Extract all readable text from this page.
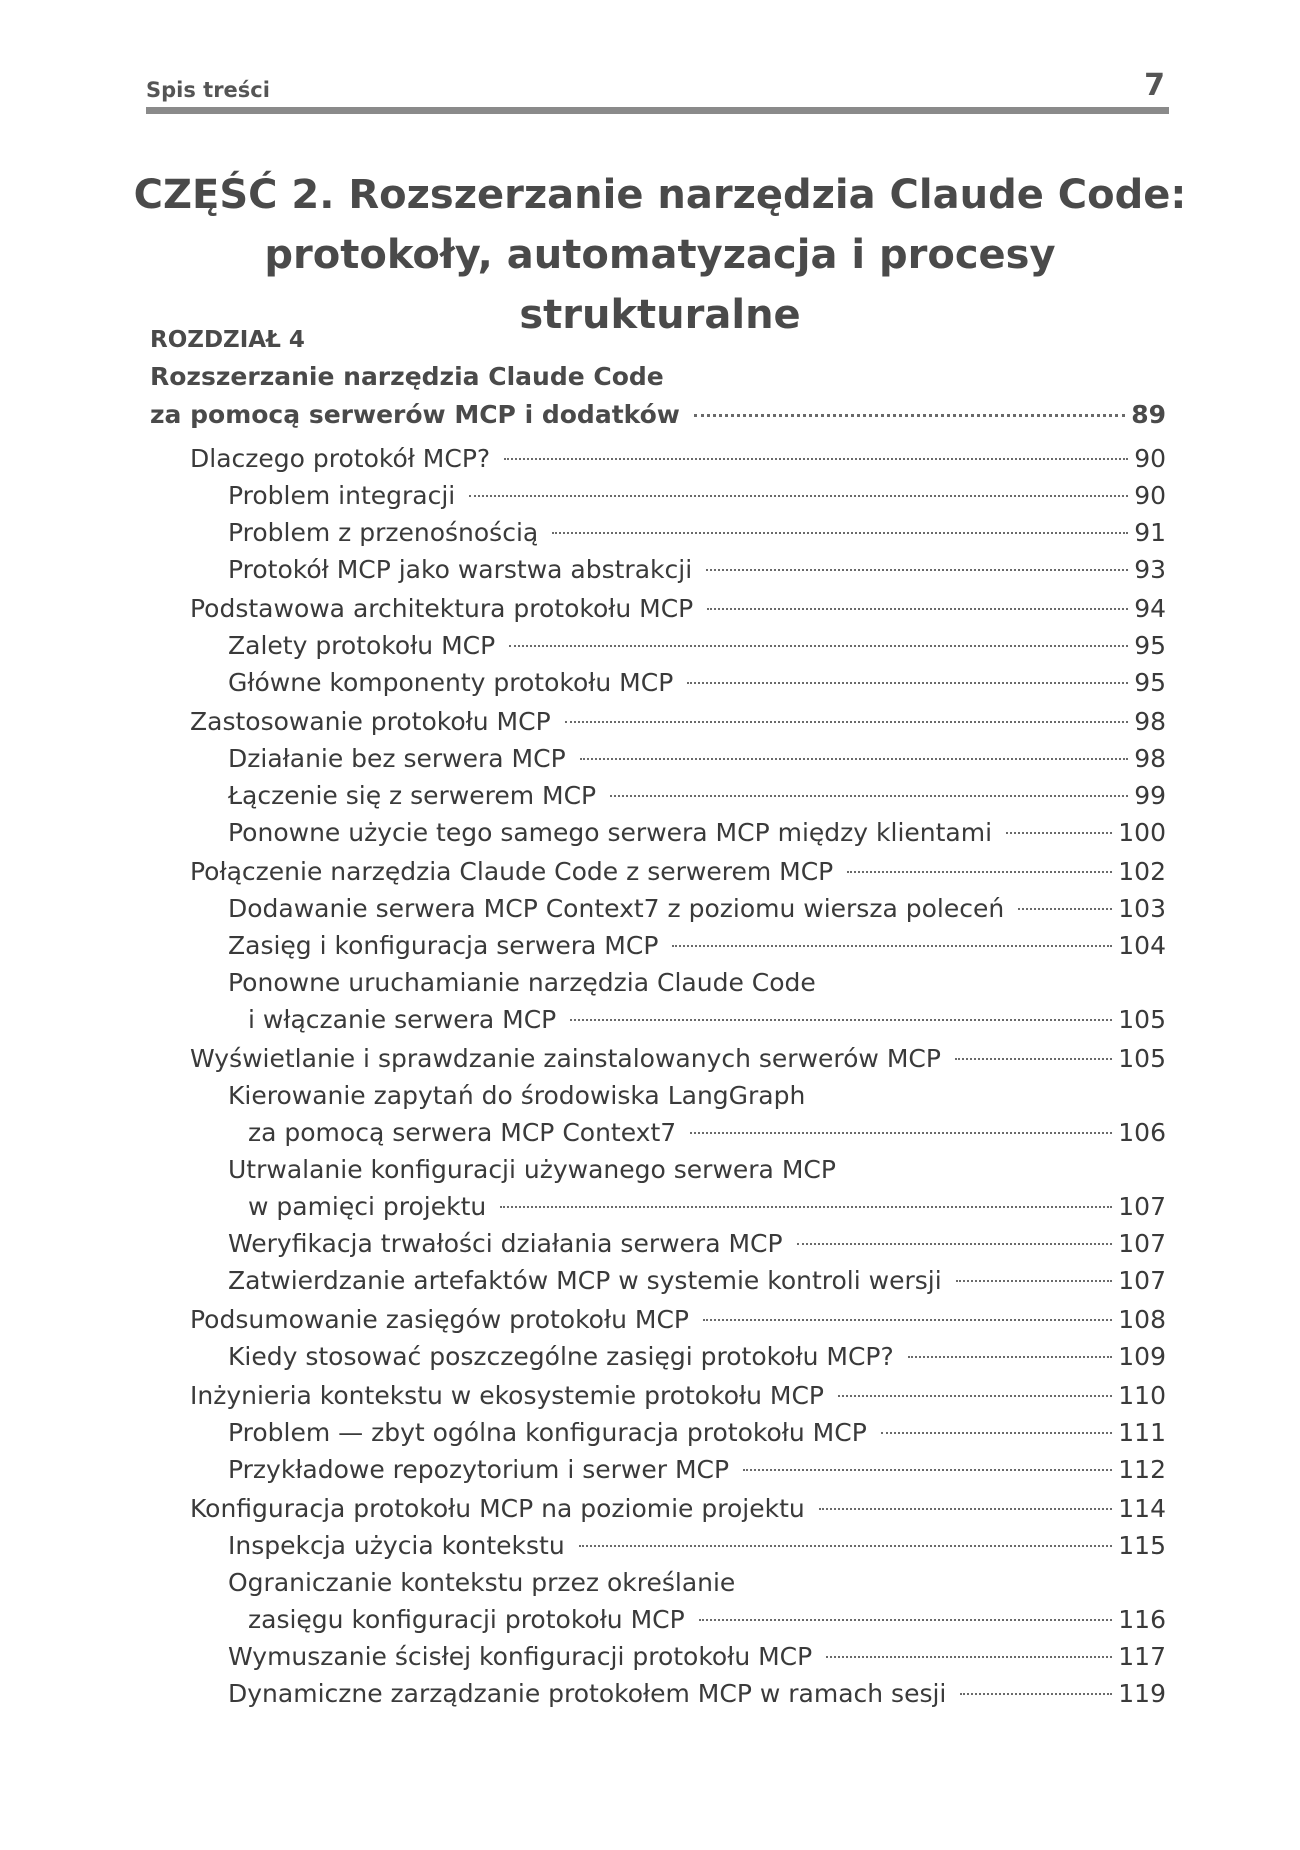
Spis treści	7
CZĘŚĆ 2. Rozszerzanie narzędzia Claude Code:
protokoły, automatyzacja i procesy strukturalne
ROZDZIAŁ 4
Rozszerzanie narzędzia Claude Code
za pomocą serwerów MCP i dodatków	89
Dlaczego protokół MCP?	90
Problem integracji	90
Problem z przenośnością	91
Protokół MCP jako warstwa abstrakcji	93
Podstawowa architektura protokołu MCP	94
Zalety protokołu MCP	95
Główne komponenty protokołu MCP	95
Zastosowanie protokołu MCP	98
Działanie bez serwera MCP	98
Łączenie się z serwerem MCP	99
Ponowne użycie tego samego serwera MCP między klientami	100
Połączenie narzędzia Claude Code z serwerem MCP	102
Dodawanie serwera MCP Context7 z poziomu wiersza poleceń	103
Zasięg i konfiguracja serwera MCP	104
Ponowne uruchamianie narzędzia Claude Code
i włączanie serwera MCP	105
Wyświetlanie i sprawdzanie zainstalowanych serwerów MCP	105
Kierowanie zapytań do środowiska LangGraph
za pomocą serwera MCP Context7	106
Utrwalanie konfiguracji używanego serwera MCP
w pamięci projektu	107
Weryfikacja trwałości działania serwera MCP	107
Zatwierdzanie artefaktów MCP w systemie kontroli wersji	107
Podsumowanie zasięgów protokołu MCP	108
Kiedy stosować poszczególne zasięgi protokołu MCP?	109
Inżynieria kontekstu w ekosystemie protokołu MCP	110
Problem — zbyt ogólna konfiguracja protokołu MCP	111
Przykładowe repozytorium i serwer MCP	112
Konfiguracja protokołu MCP na poziomie projektu	114
Inspekcja użycia kontekstu	115
Ograniczanie kontekstu przez określanie
zasięgu konfiguracji protokołu MCP	116
Wymuszanie ścisłej konfiguracji protokołu MCP	117
Dynamiczne zarządzanie protokołem MCP w ramach sesji	119
